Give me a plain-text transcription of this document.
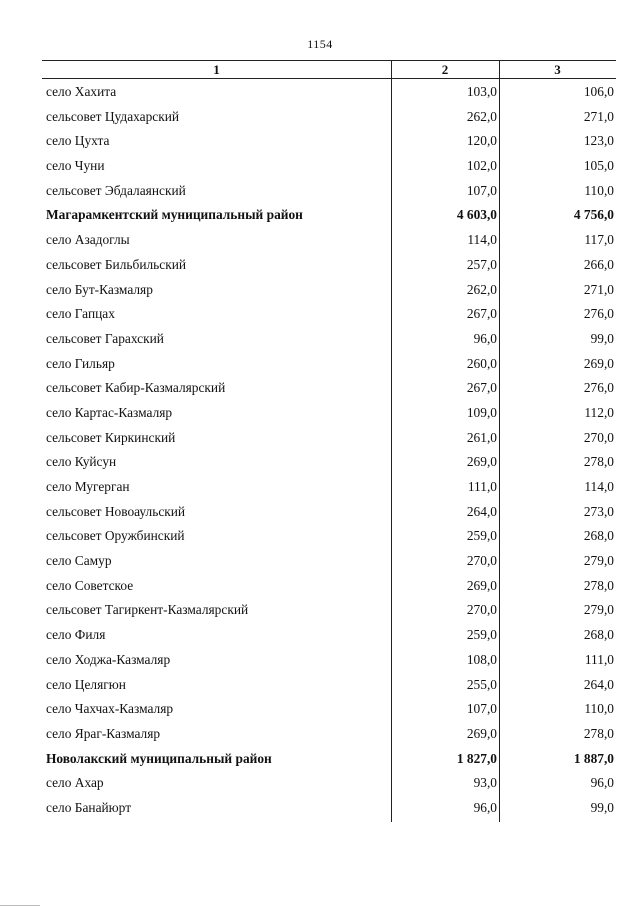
1154
1	2	3
село Хахита	103,0	106,0
сельсовет Цудахарский	262,0	271,0
село Цухта	120,0	123,0
село Чуни	102,0	105,0
сельсовет Эбдалаянский	107,0	110,0
Магарамкентский муниципальный район	4 603,0	4 756,0
село Азадоглы	114,0	117,0
сельсовет Бильбильский	257,0	266,0
село Бут-Казмаляр	262,0	271,0
село Гапцах	267,0	276,0
сельсовет Гарахский	96,0	99,0
село Гильяр	260,0	269,0
сельсовет Кабир-Казмалярский	267,0	276,0
село Картас-Казмаляр	109,0	112,0
сельсовет Киркинский	261,0	270,0
село Куйсун	269,0	278,0
село Мугерган	111,0	114,0
сельсовет Новоаульский	264,0	273,0
сельсовет Оружбинский	259,0	268,0
село Самур	270,0	279,0
село Советское	269,0	278,0
сельсовет Тагиркент-Казмалярский	270,0	279,0
село Филя	259,0	268,0
село Ходжа-Казмаляр	108,0	111,0
село Целягюн	255,0	264,0
село Чахчах-Казмаляр	107,0	110,0
село Яраг-Казмаляр	269,0	278,0
Новолакский муниципальный район	1 827,0	1 887,0
село Ахар	93,0	96,0
село Банайюрт	96,0	99,0
